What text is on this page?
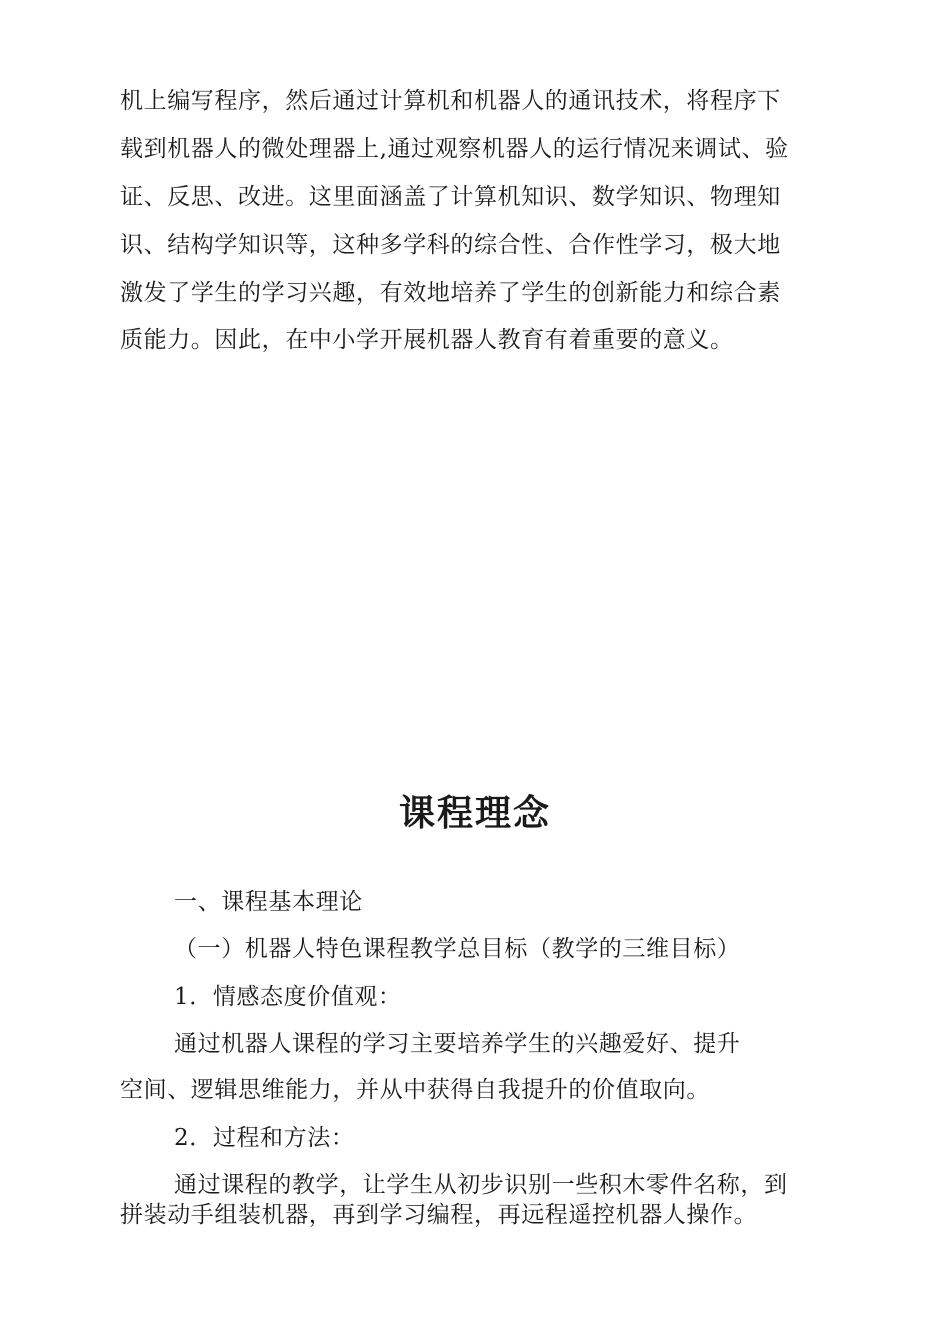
机上编写程序，然后通过计算机和机器人的通讯技术，将程序下
载到机器人的微处理器上,通过观察机器人的运行情况来调试、验
证、反思、改进。这里面涵盖了计算机知识、数学知识、物理知
识、结构学知识等，这种多学科的综合性、合作性学习，极大地
激发了学生的学习兴趣，有效地培养了学生的创新能力和综合素
质能力。因此，在中小学开展机器人教育有着重要的意义。
课程理念
一、课程基本理论
（一）机器人特色课程教学总目标（教学的三维目标）
1．情感态度价值观：
通过机器人课程的学习主要培养学生的兴趣爱好、提升
空间、逻辑思维能力，并从中获得自我提升的价值取向。
2．过程和方法：
通过课程的教学，让学生从初步识别一些积木零件名称，到
拼装动手组装机器，再到学习编程，再远程遥控机器人操作。
